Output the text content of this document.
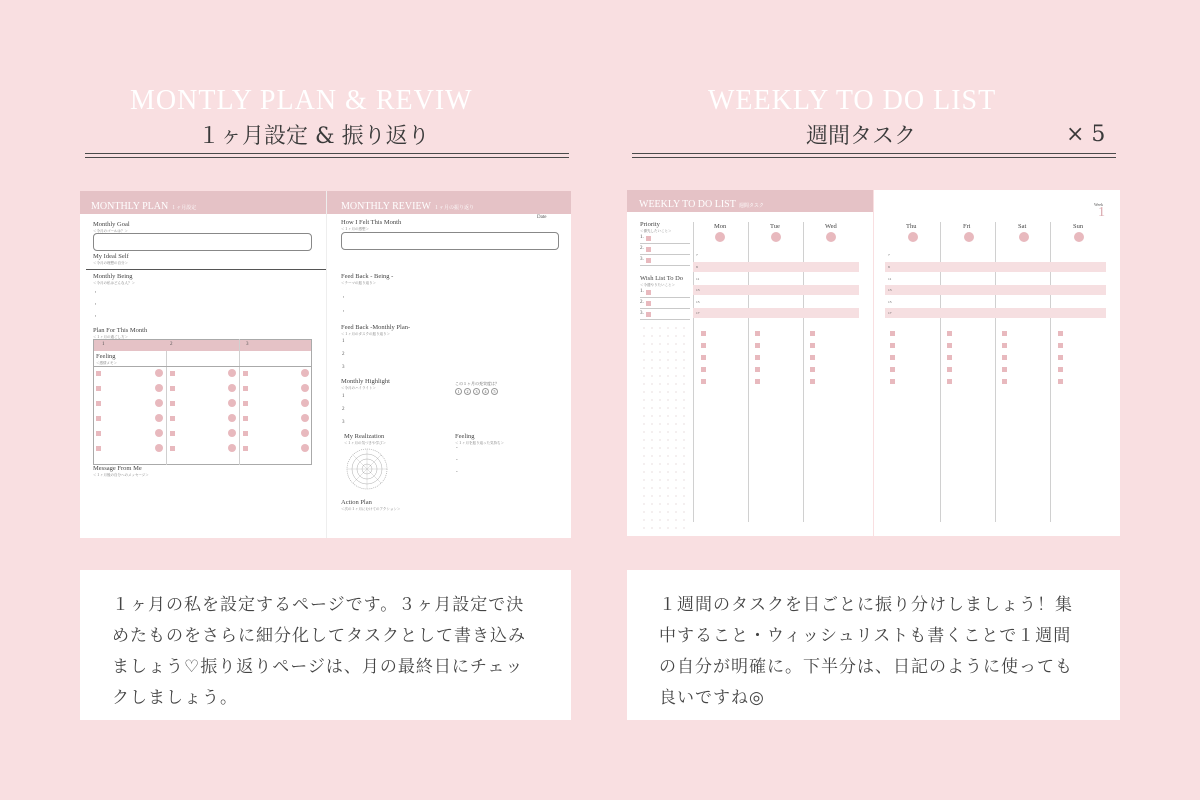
MONTLY PLAN & REVIW
１ヶ月設定 & 振り返り
WEEKLY TO DO LIST
週間タスク	× 5
MONTHLY PLAN １ヶ月設定
Monthly Goal
＜今月のゴールは？＞
My Ideal Self
＜今月の理想の自分＞
Monthly Being
＜今月の私はどんな人？＞
・
・
・
Plan For This Month
＜１ヶ月の過ごし方＞
1	2	3
Feeling
＜感情メモ＞
Message From Me
＜１ヶ月後の自分へのメッセージ＞
MONTHLY REVIEW １ヶ月の振り返り
How I Felt This Month
＜１ヶ月の感想＞
Date
Feed Back - Being -
＜テーマの振り返り＞
・
・
Feed Back -Monthly Plan-
＜１ヶ月のタスクの振り返り＞
1
2
3
Monthly Highlight
＜今月のハイライト＞
この１ヶ月の充実度は？
1	2	3	4	5
1
2
3
My Realization
＜１ヶ月の気づきや学び＞
Feeling
＜１ヶ月を振り返った気持ち＞
-
-
-
Action Plan
＜次の１ヶ月にむけてのアクション＞
WEEKLY TO DO LIST 週間タスク
Priority
＜優先したいこと＞
1.
2.
3.
Wish List To Do
＜今週やりたいこと＞
1.
2.
3.
Mon	Tue	Wed
7
9
11
13
15
17
Week
1
Thu	Fri	Sat	Sun
7
9
11
13
15
17
１ヶ月の私を設定するページです。３ヶ月設定で決めたものをさらに細分化してタスクとして書き込みましょう♡振り返りページは、月の最終日にチェックしましょう。
１週間のタスクを日ごとに振り分けしましょう！集中すること・ウィッシュリストも書くことで１週間の自分が明確に。下半分は、日記のように使っても良いですね◎
